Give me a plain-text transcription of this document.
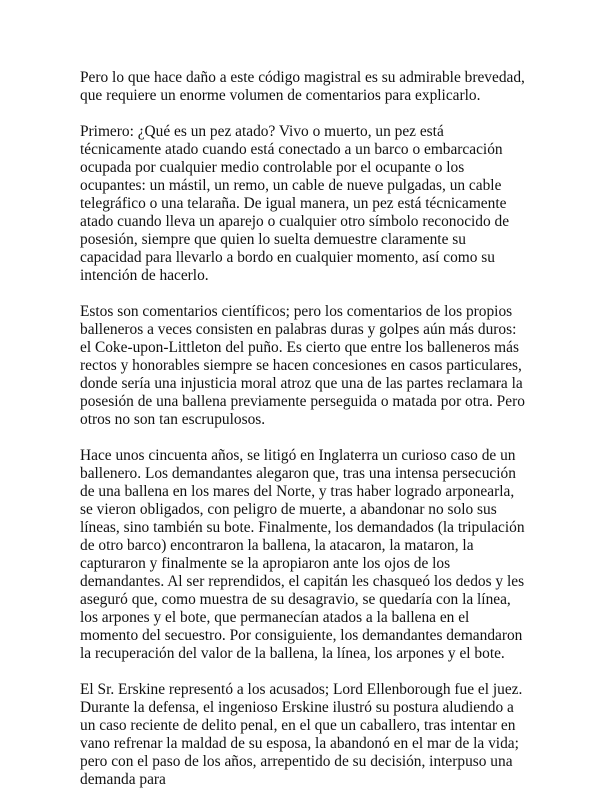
Pero lo que hace daño a este código magistral es su admirable brevedad, que requiere un enorme volumen de comentarios para explicarlo.

Primero: ¿Qué es un pez atado? Vivo o muerto, un pez está técnicamente atado cuando está conectado a un barco o embarcación ocupada por cualquier medio controlable por el ocupante o los ocupantes: un mástil, un remo, un cable de nueve pulgadas, un cable telegráfico o una telaraña. De igual manera, un pez está técnicamente atado cuando lleva un aparejo o cualquier otro símbolo reconocido de posesión, siempre que quien lo suelta demuestre claramente su capacidad para llevarlo a bordo en cualquier momento, así como su intención de hacerlo.

Estos son comentarios científicos; pero los comentarios de los propios balleneros a veces consisten en palabras duras y golpes aún más duros: el Coke-upon-Littleton del puño. Es cierto que entre los balleneros más rectos y honorables siempre se hacen concesiones en casos particulares, donde sería una injusticia moral atroz que una de las partes reclamara la posesión de una ballena previamente perseguida o matada por otra. Pero otros no son tan escrupulosos.

Hace unos cincuenta años, se litigó en Inglaterra un curioso caso de un ballenero. Los demandantes alegaron que, tras una intensa persecución de una ballena en los mares del Norte, y tras haber logrado arponearla, se vieron obligados, con peligro de muerte, a abandonar no solo sus líneas, sino también su bote. Finalmente, los demandados (la tripulación de otro barco) encontraron la ballena, la atacaron, la mataron, la capturaron y finalmente se la apropiaron ante los ojos de los demandantes. Al ser reprendidos, el capitán les chasqueó los dedos y les aseguró que, como muestra de su desagravio, se quedaría con la línea, los arpones y el bote, que permanecían atados a la ballena en el momento del secuestro. Por consiguiente, los demandantes demandaron la recuperación del valor de la ballena, la línea, los arpones y el bote.

El Sr. Erskine representó a los acusados; Lord Ellenborough fue el juez. Durante la defensa, el ingenioso Erskine ilustró su postura aludiendo a un caso reciente de delito penal, en el que un caballero, tras intentar en vano refrenar la maldad de su esposa, la abandonó en el mar de la vida; pero con el paso de los años, arrepentido de su decisión, interpuso una demanda para
